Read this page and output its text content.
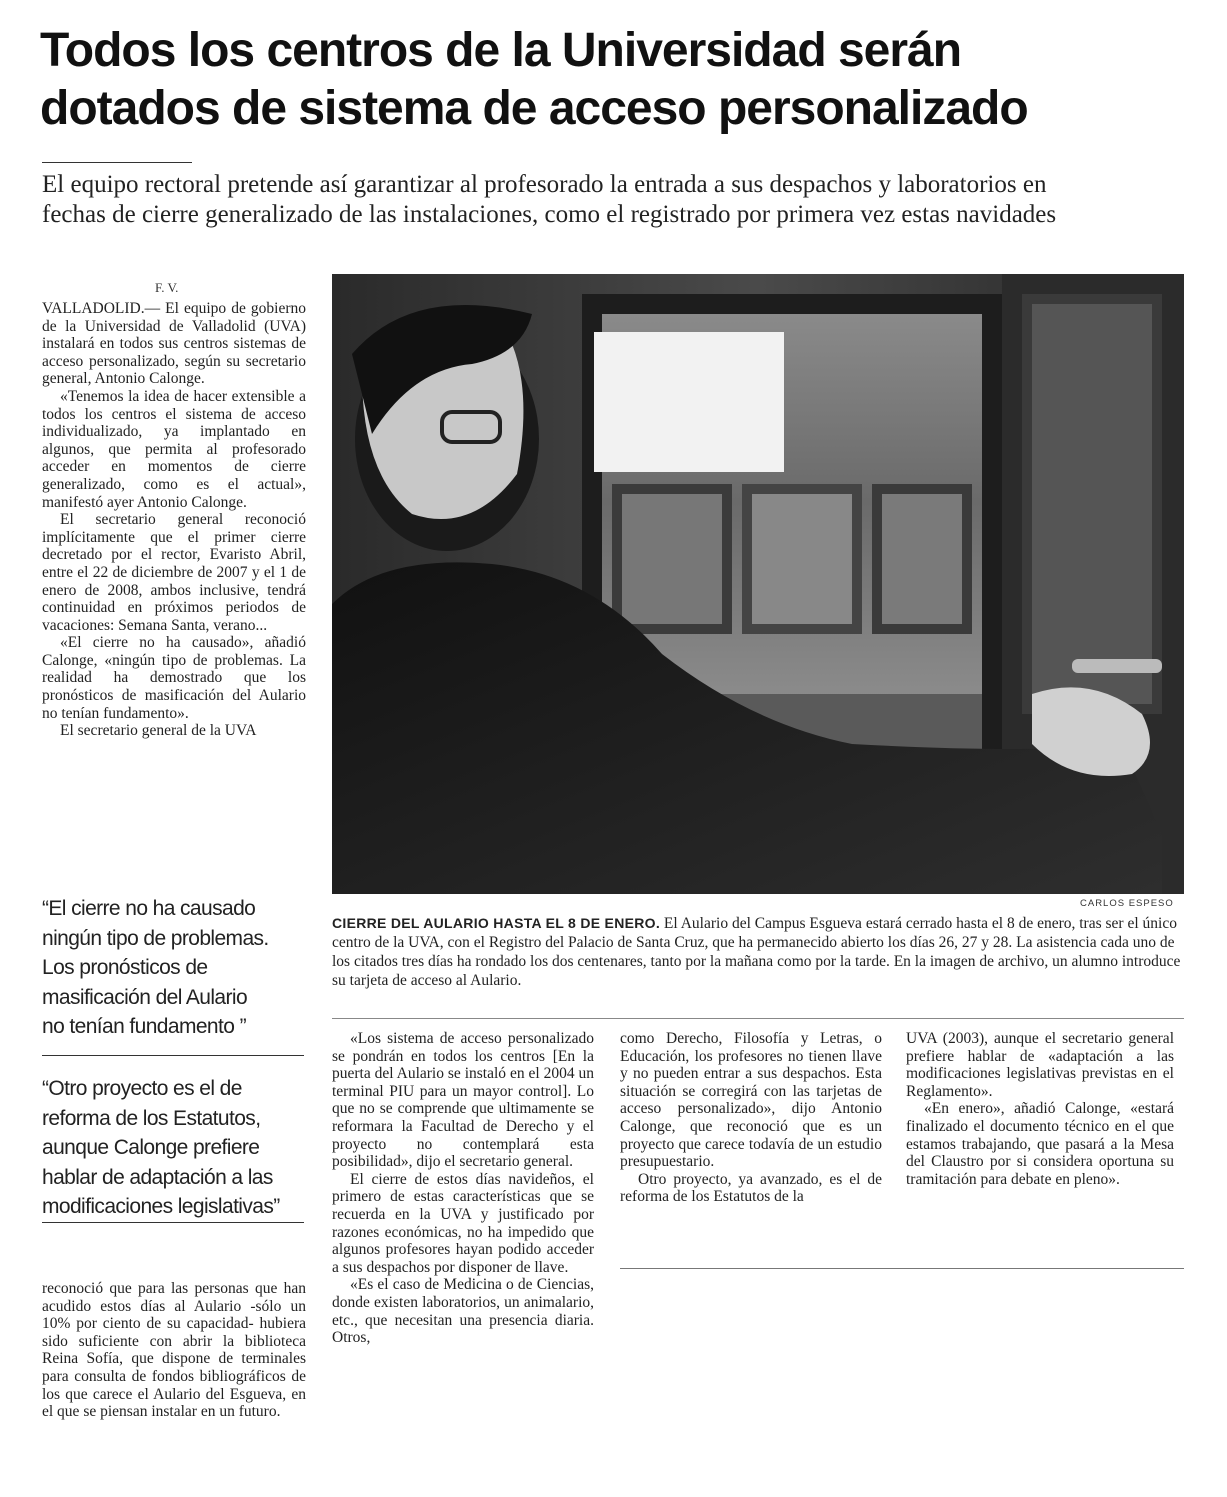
Todos los centros de la Universidad serán
dotados de sistema de acceso personalizado
El equipo rectoral pretende así garantizar al profesorado la entrada a sus despachos y laboratorios en
fechas de cierre generalizado de las instalaciones, como el registrado por primera vez estas navidades
F. V.

VALLADOLID.— El equipo de gobierno de la Universidad de Valladolid (UVA) instalará en todos sus centros sistemas de acceso personalizado, según su secretario general, Antonio Calonge.

«Tenemos la idea de hacer extensible a todos los centros el sistema de acceso individualizado, ya implantado en algunos, que permita al profesorado acceder en momentos de cierre generalizado, como es el actual», manifestó ayer Antonio Calonge.

El secretario general reconoció implícitamente que el primer cierre decretado por el rector, Evaristo Abril, entre el 22 de diciembre de 2007 y el 1 de enero de 2008, ambos inclusive, tendrá continuidad en próximos periodos de vacaciones: Semana Santa, verano...

«El cierre no ha causado», añadió Calonge, «ningún tipo de problemas. La realidad ha demostrado que los pronósticos de masificación del Aulario no tenían fundamento».

El secretario general de la UVA

CARLOS ESPESO

CIERRE DEL AULARIO HASTA EL 8 DE ENERO. El Aulario del Campus Esgueva estará cerrado hasta el 8 de enero, tras ser el único centro de la UVA, con el Registro del Palacio de Santa Cruz, que ha permanecido abierto los días 26, 27 y 28. La asistencia cada uno de los citados tres días ha rondado los dos centenares, tanto por la mañana como por la tarde. En la imagen de archivo, un alumno introduce su tarjeta de acceso al Aulario.

“El cierre no ha causado
ningún tipo de problemas.
Los pronósticos de
masificación del Aulario
no tenían fundamento ”
“Otro proyecto es el de
reforma de los Estatutos,
aunque Calonge prefiere
hablar de adaptación a las
modificaciones legislativas”

reconoció que para las personas que han acudido estos días al Aulario -sólo un 10% por ciento de su capacidad- hubiera sido suficiente con abrir la biblioteca Reina Sofía, que dispone de terminales para consulta de fondos bibliográficos de los que carece el Aulario del Esgueva, en el que se piensan instalar en un futuro.

«Los sistema de acceso personalizado se pondrán en todos los centros [En la puerta del Aulario se instaló en el 2004 un terminal PIU para un mayor control]. Lo que no se comprende que ultimamente se reformara la Facultad de Derecho y el proyecto no contemplará esta posibilidad», dijo el secretario general.

El cierre de estos días navideños, el primero de estas características que se recuerda en la UVA y justificado por razones económicas, no ha impedido que algunos profesores hayan podido acceder a sus despachos por disponer de llave.

«Es el caso de Medicina o de Ciencias, donde existen laboratorios, un animalario, etc., que necesitan una presencia diaria. Otros,

como Derecho, Filosofía y Letras, o Educación, los profesores no tienen llave y no pueden entrar a sus despachos. Esta situación se corregirá con las tarjetas de acceso personalizado», dijo Antonio Calonge, que reconoció que es un proyecto que carece todavía de un estudio presupuestario.

Otro proyecto, ya avanzado, es el de reforma de los Estatutos de la

UVA (2003), aunque el secretario general prefiere hablar de «adaptación a las modificaciones legislativas previstas en el Reglamento».

«En enero», añadió Calonge, «estará finalizado el documento técnico en el que estamos trabajando, que pasará a la Mesa del Claustro por si considera oportuna su tramitación para debate en pleno».
